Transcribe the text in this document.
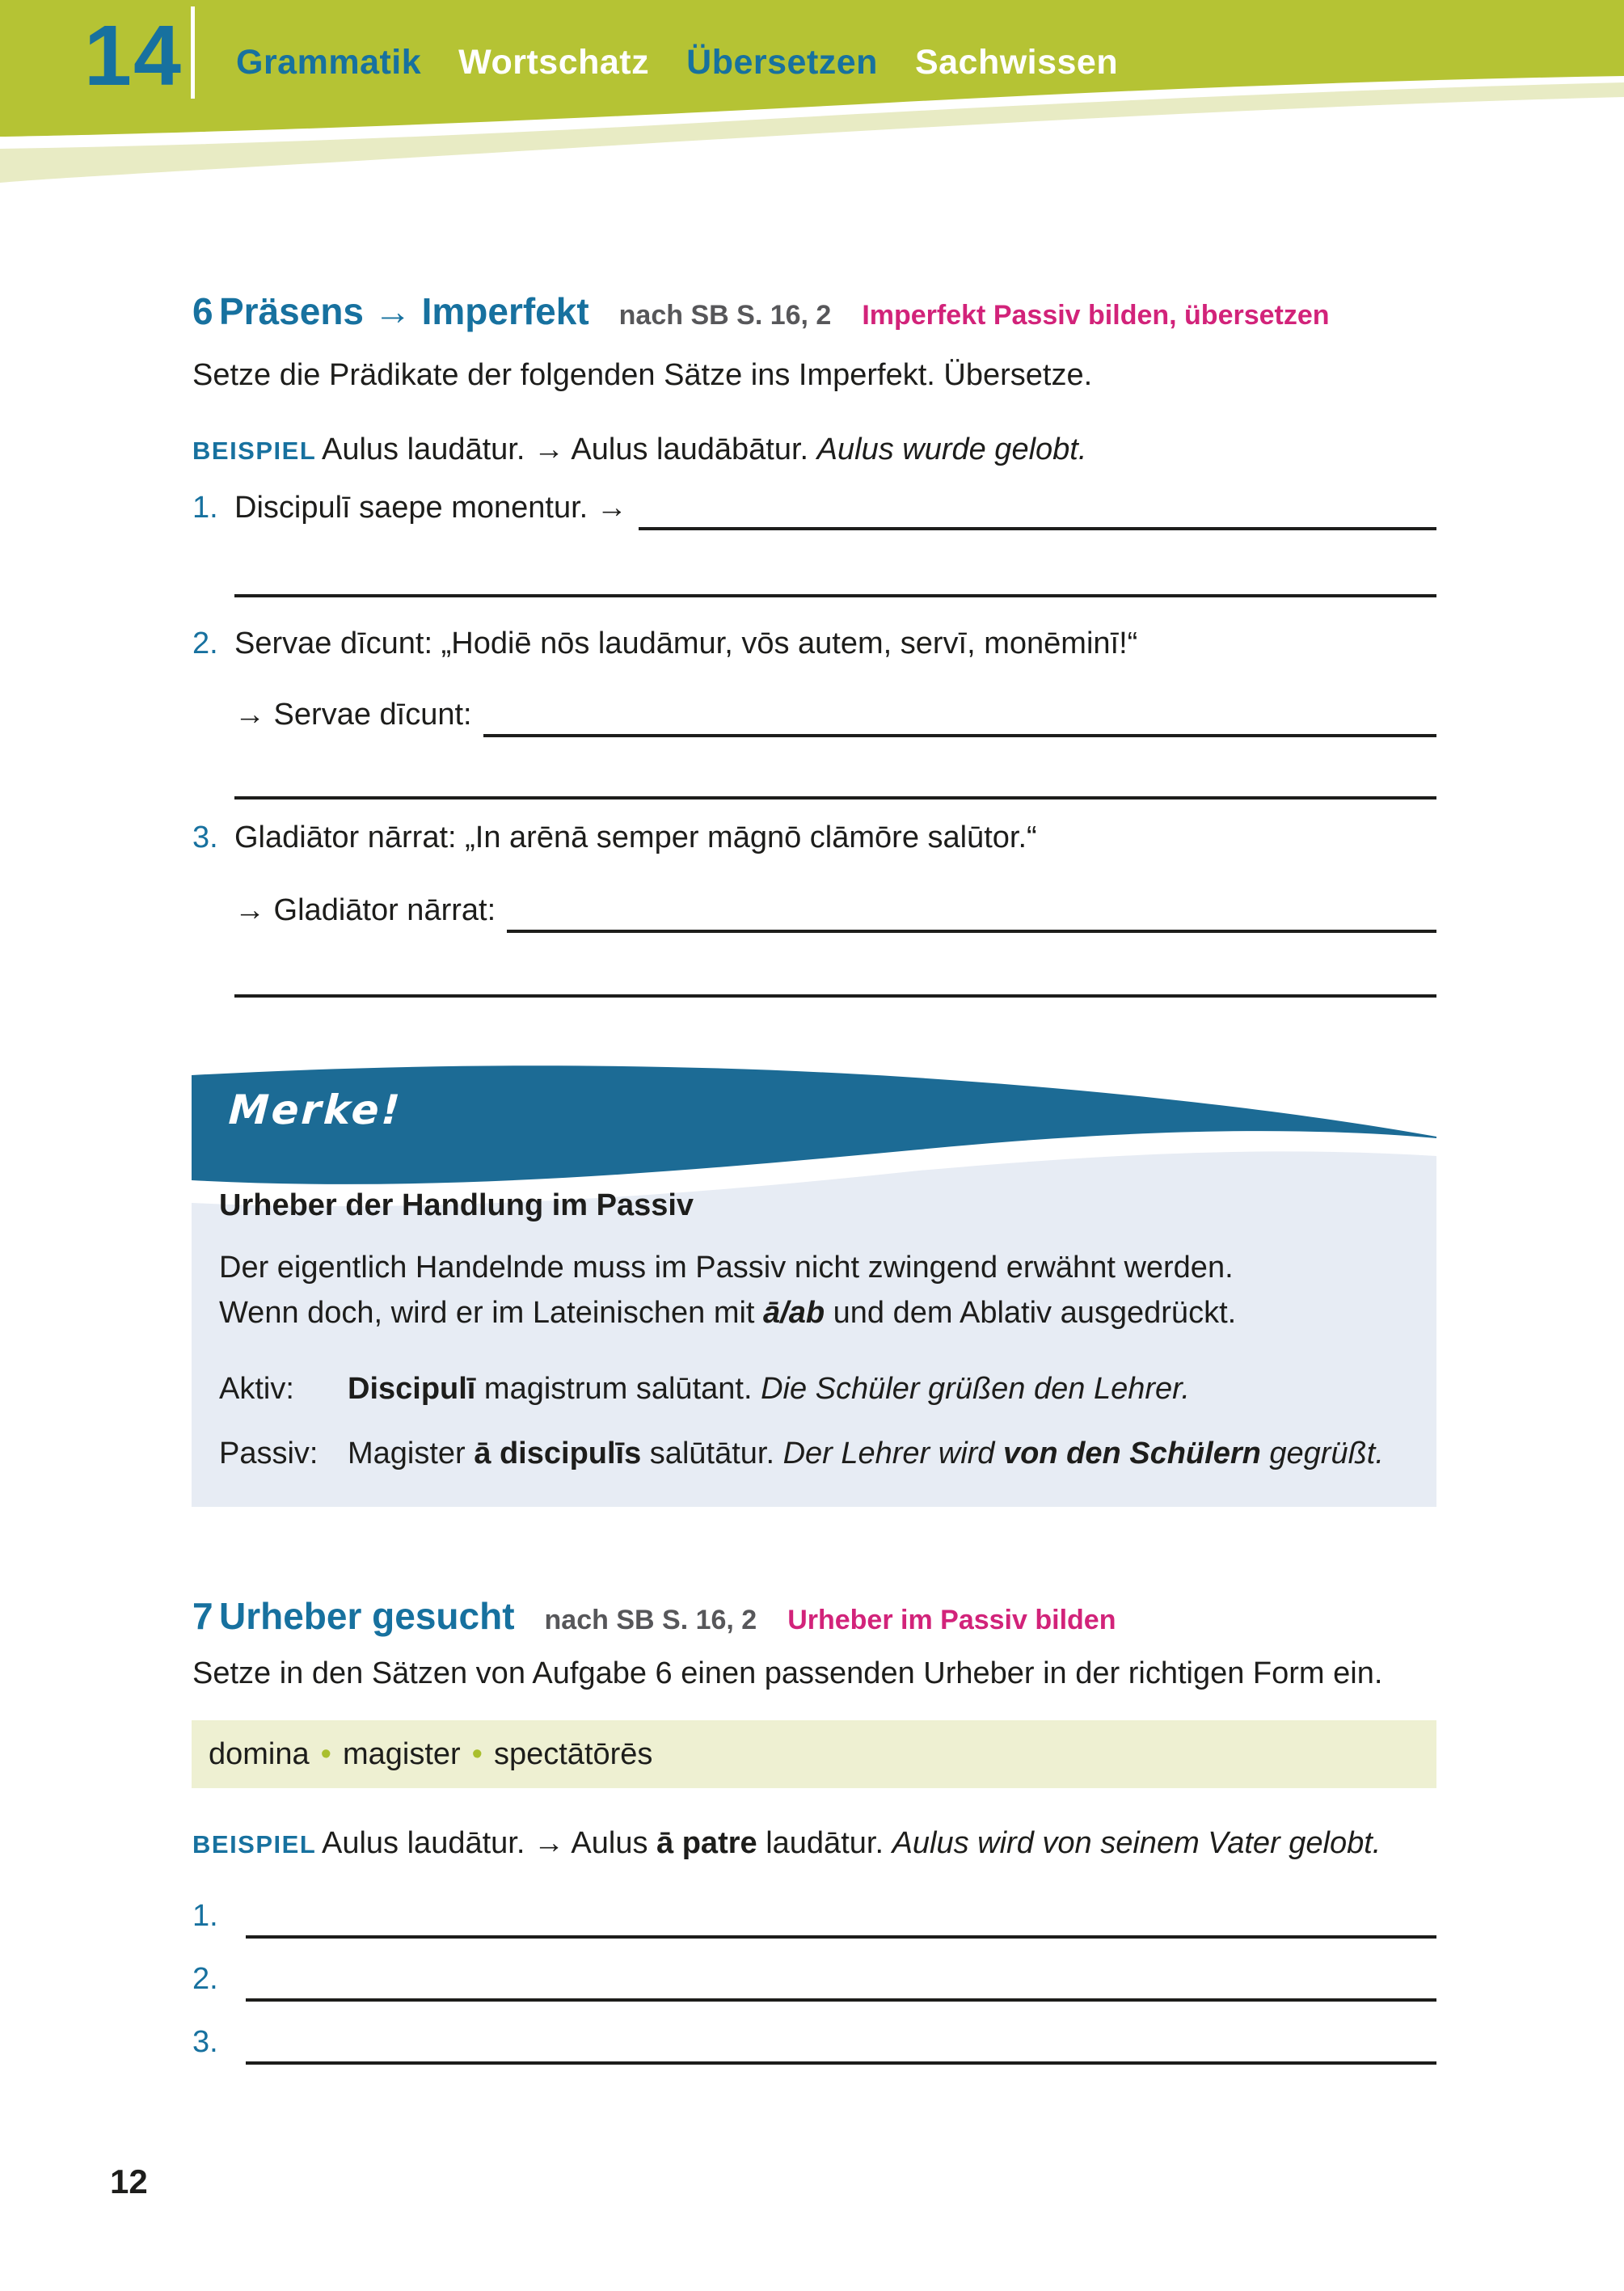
14 Grammatik Wortschatz Übersetzen Sachwissen
6 Präsens → Imperfekt nach SB S. 16, 2 Imperfekt Passiv bilden, übersetzen
Setze die Prädikate der folgenden Sätze ins Imperfekt. Übersetze.
BEISPIEL Aulus laudātur. → Aulus laudābātur. Aulus wurde gelobt.
1. Discipulī saepe monentur. →
2. Servae dīcunt: „Hodiē nōs laudāmur, vōs autem, servī, monēminī!“
→ Servae dīcunt:
3. Gladiātor nārrat: „In arēnā semper māgnō clāmōre salūtor.“
→ Gladiātor nārrat:
Merke!
Urheber der Handlung im Passiv
Der eigentlich Handelnde muss im Passiv nicht zwingend erwähnt werden.
Wenn doch, wird er im Lateinischen mit ā/ab und dem Ablativ ausgedrückt.
Aktiv:	Discipulī magistrum salūtant. Die Schüler grüßen den Lehrer.
Passiv: Magister ā discipulīs salūtātur. Der Lehrer wird von den Schülern gegrüßt.
7 Urheber gesucht nach SB S. 16, 2 Urheber im Passiv bilden
Setze in den Sätzen von Aufgabe 6 einen passenden Urheber in der richtigen Form ein.
domina • magister • spectātōrēs
BEISPIEL Aulus laudātur. → Aulus ā patre laudātur. Aulus wird von seinem Vater gelobt.
1.
2.
3.
12
